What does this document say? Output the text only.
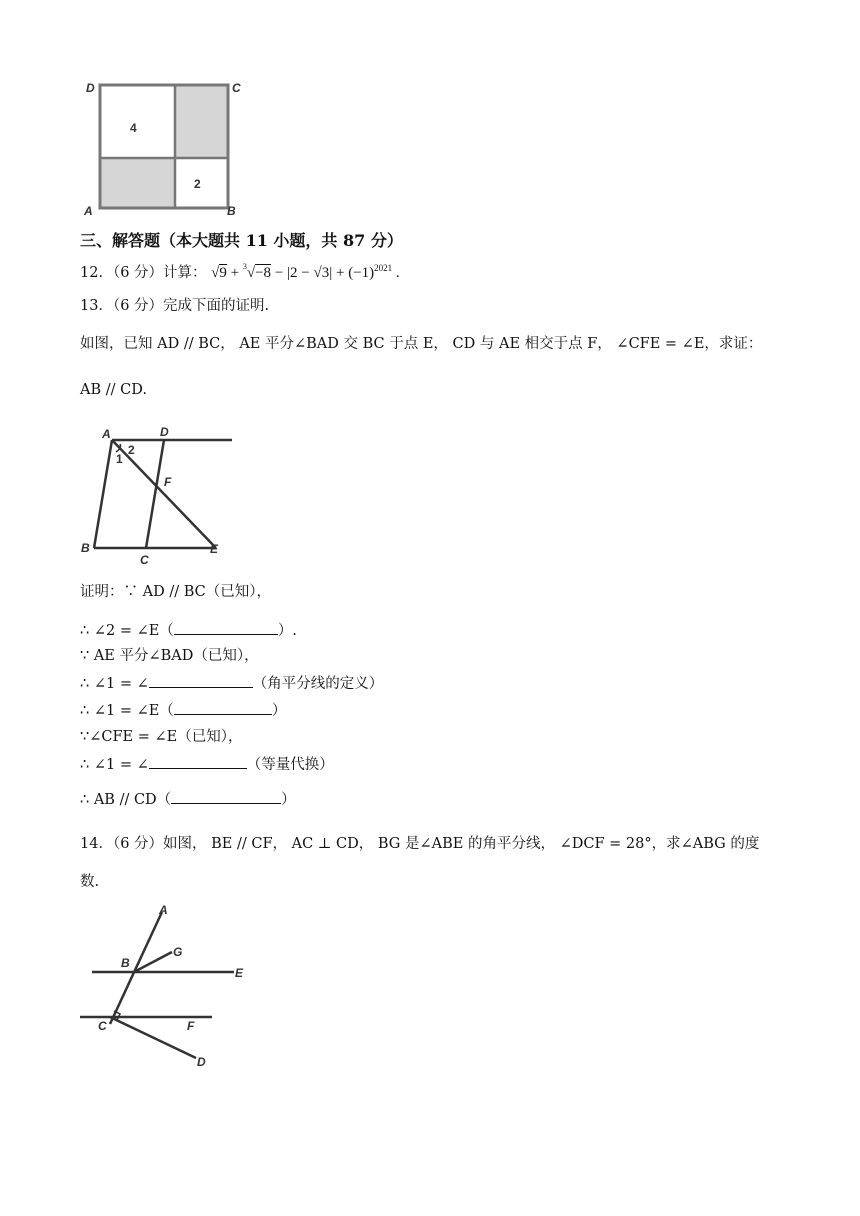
D	C
A	B
4
2
三、解答题（本大题共 11 小题，共 87 分）
12．（6 分）计算： $√9 + ^3√-8 - |2 - √3| + (-1)^{2021}$ .
13．（6 分）完成下面的证明.
如图，已知 AD // BC， AE 平分∠BAD 交 BC 于点 E， CD 与 AE 相交于点 F， ∠CFE = ∠E，求证：
AB // CD.
A	D
1
2
F
B
C
E
证明：∵ AD // BC（已知），
∴ ∠2 = ∠E（	）.
∵ AE 平分∠BAD（已知），
∴ ∠1 = ∠	（角平分线的定义）
∴ ∠1 = ∠E（	）
∵∠CFE = ∠E（已知），
∴ ∠1 = ∠	（等量代换）
∴ AB // CD（	）
14．（6 分）如图， BE // CF， AC ⊥ CD， BG 是∠ABE 的角平分线， ∠DCF = 28°，求∠ABG 的度
数.
A
G
B
E
C	F
D
